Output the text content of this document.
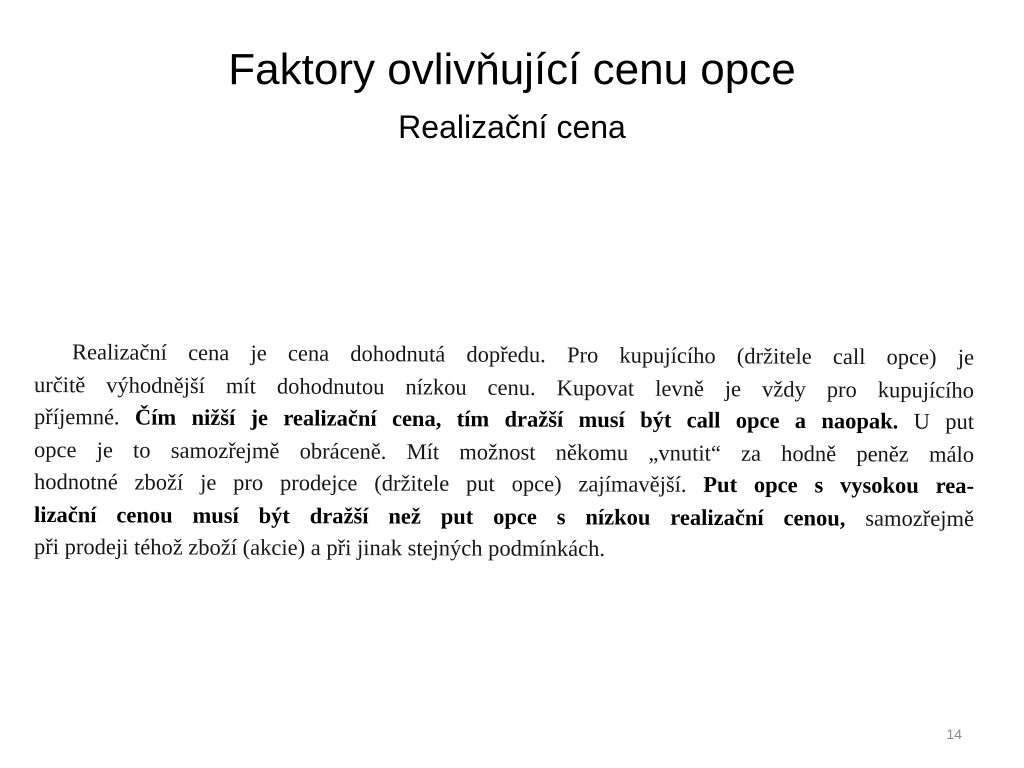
Faktory ovlivňující cenu opce
Realizační cena
Realizační cena je cena dohodnutá dopředu. Pro kupujícího (držitele call opce) je
určitě výhodnější mít dohodnutou nízkou cenu. Kupovat levně je vždy pro kupujícího
příjemné. Čím nižší je realizační cena, tím dražší musí být call opce a naopak. U put
opce je to samozřejmě obráceně. Mít možnost někomu „vnutit“ za hodně peněz málo
hodnotné zboží je pro prodejce (držitele put opce) zajímavější. Put opce s vysokou rea-
lizační cenou musí být dražší než put opce s nízkou realizační cenou, samozřejmě
při prodeji téhož zboží (akcie) a při jinak stejných podmínkách.
14
